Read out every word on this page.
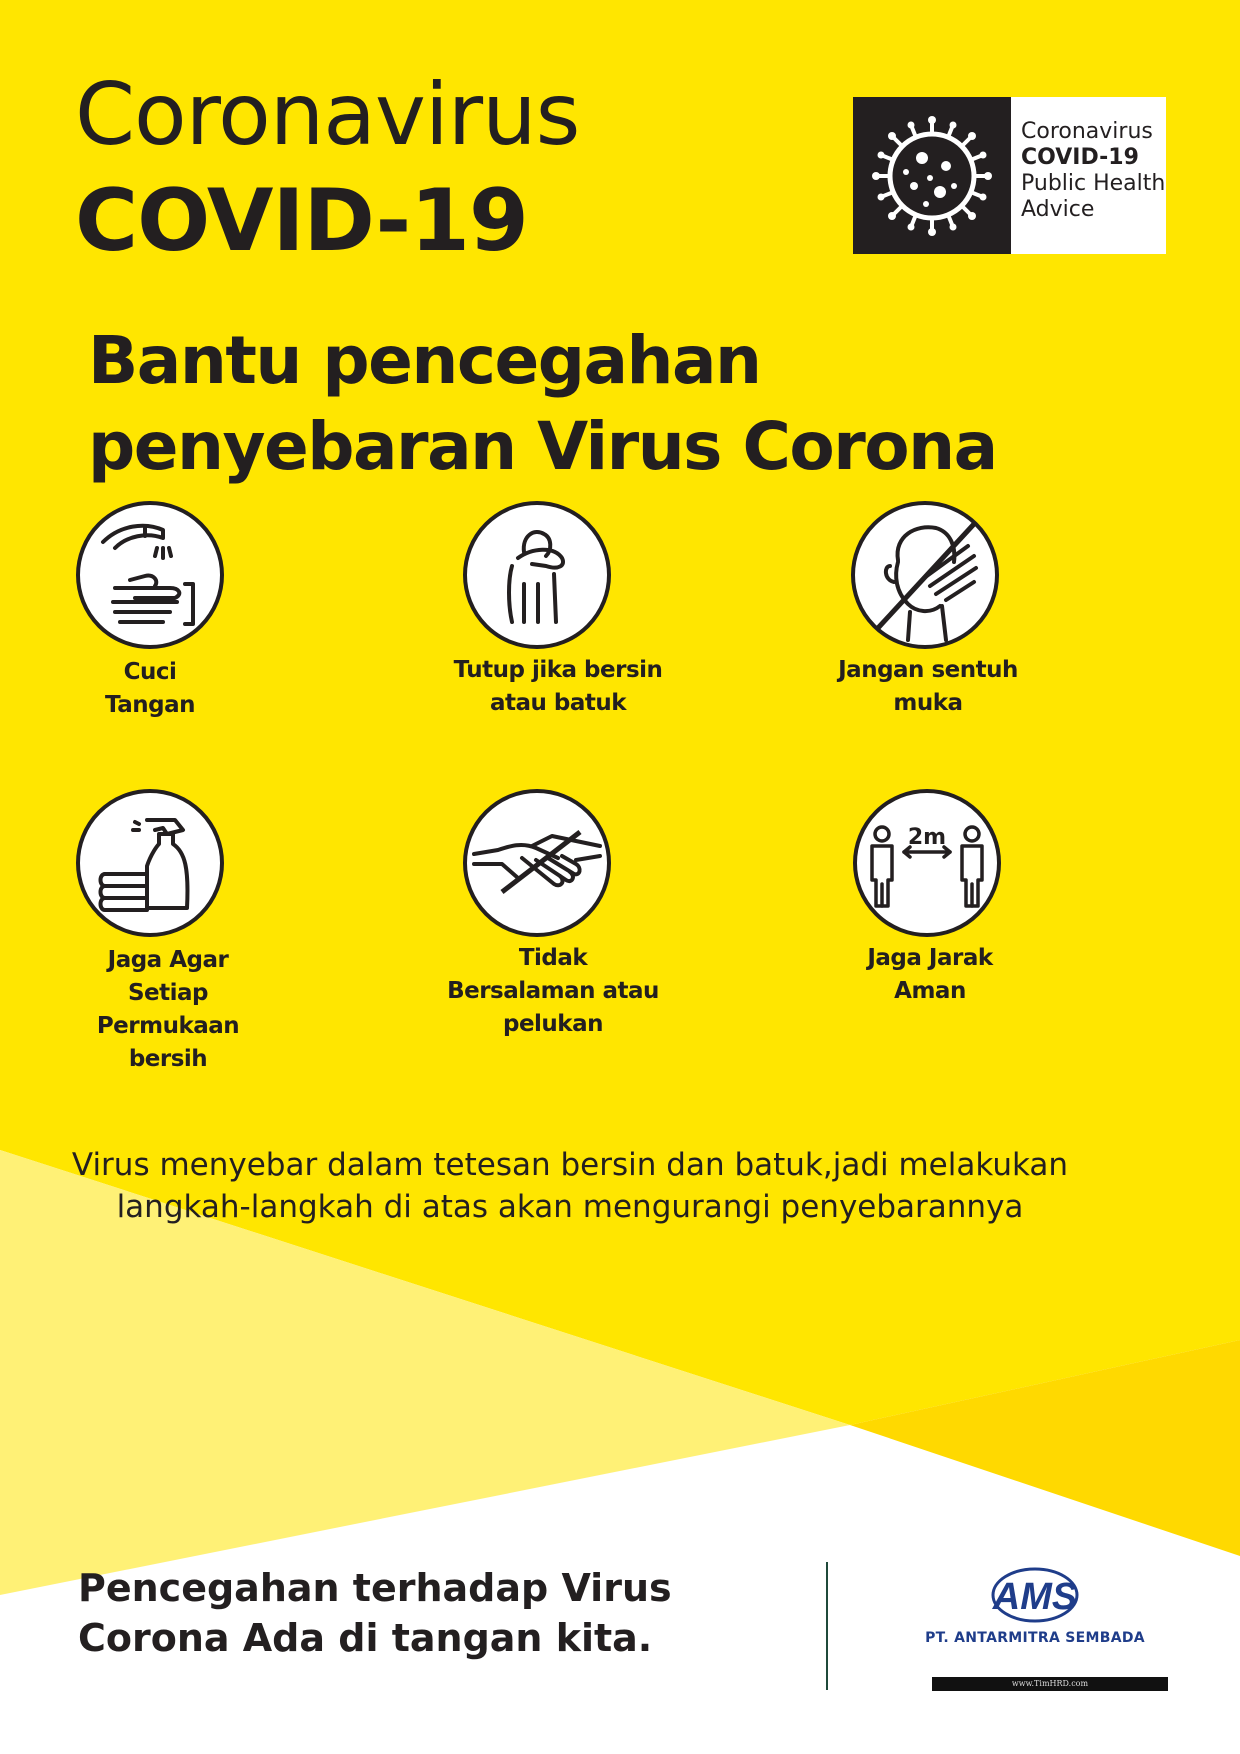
Coronavirus
COVID-19
Coronavirus
COVID-19
Public Health
Advice
Bantu pencegahan
penyebaran Virus Corona
Cuci
Tangan
Tutup jika bersin
atau batuk
Jangan sentuh
muka
Jaga Agar
Setiap
Permukaan
bersih
Tidak
Bersalaman atau
pelukan
2m
Jaga Jarak
Aman
Virus menyebar dalam tetesan bersin dan batuk,jadi melakukan
langkah-langkah di atas akan mengurangi penyebarannya
Pencegahan terhadap Virus
Corona Ada di tangan kita.
AMS
PT. ANTARMITRA SEMBADA
www.TimHRD.com
